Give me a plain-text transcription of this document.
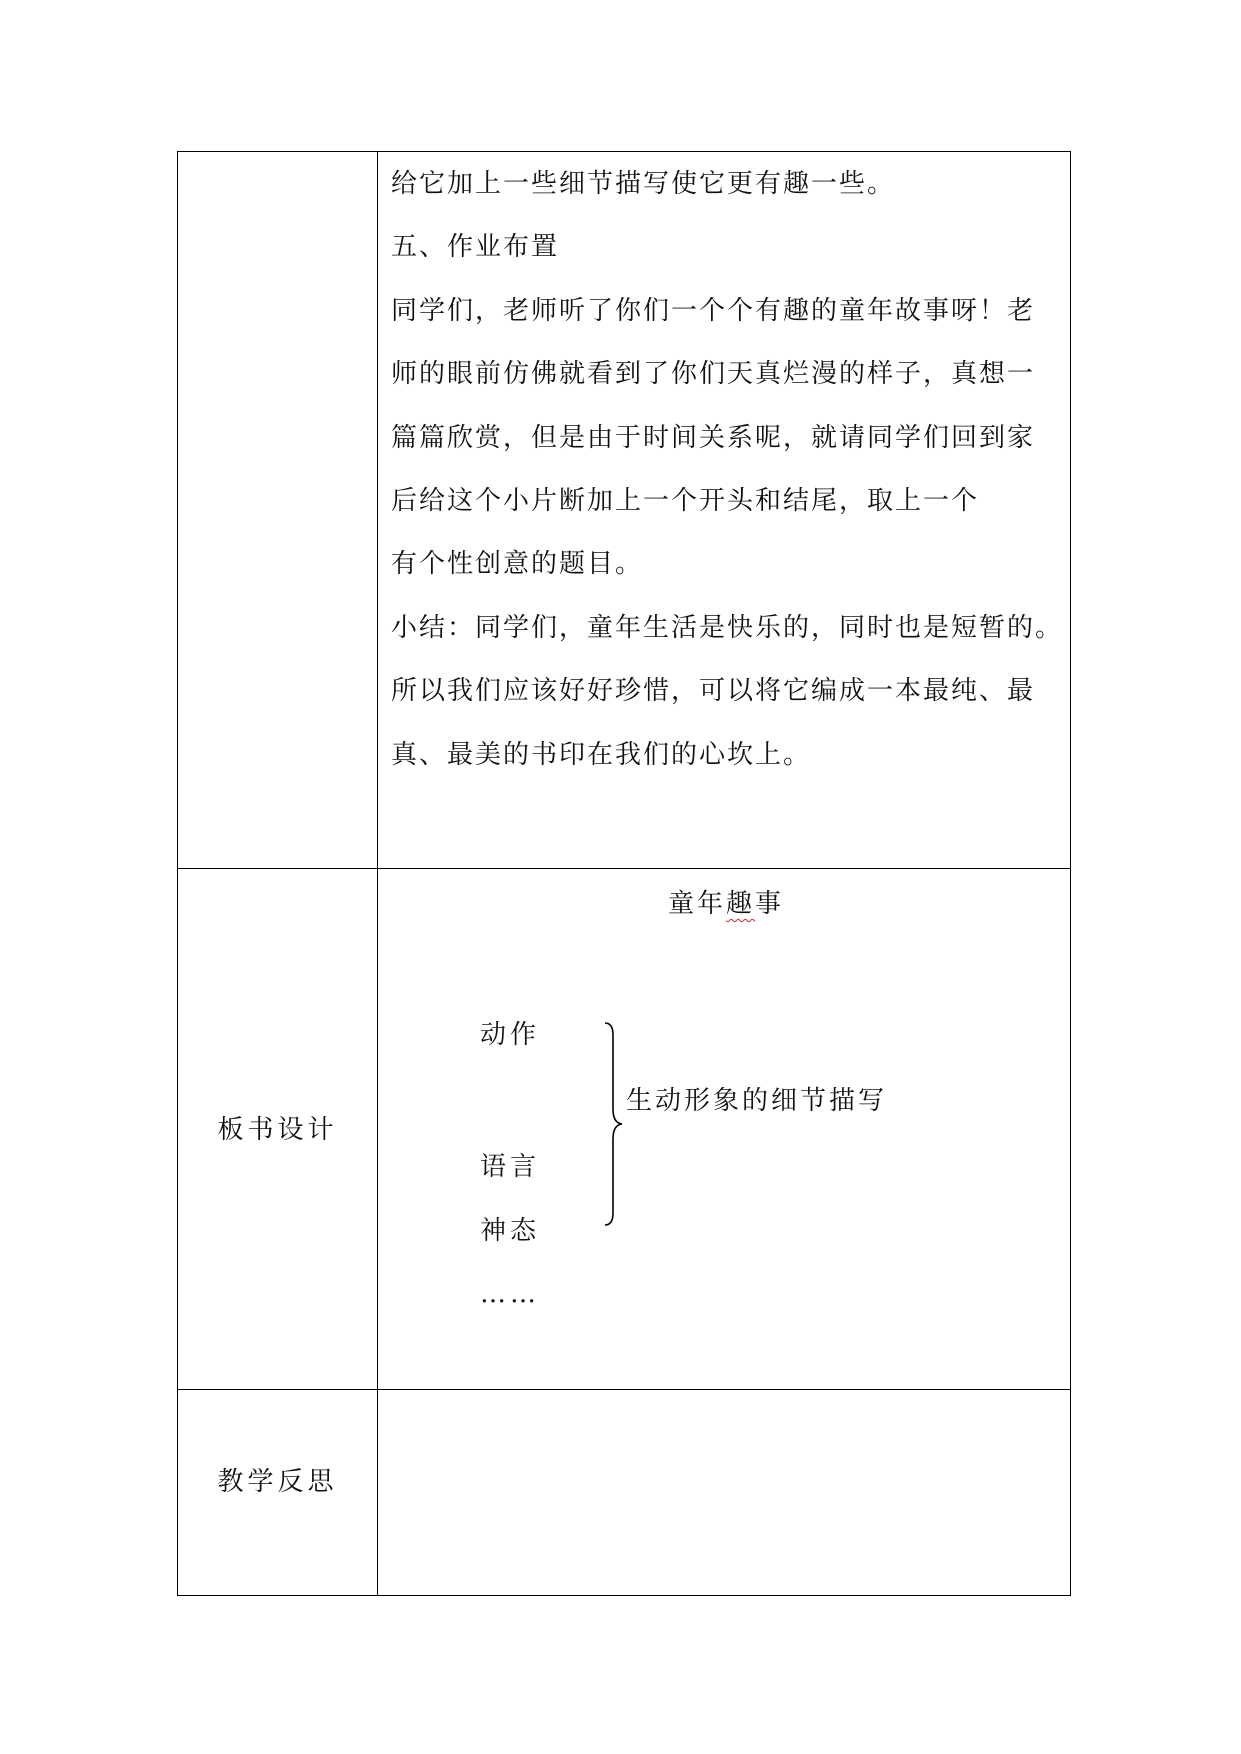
给它加上一些细节描写使它更有趣一些。
五、作业布置
同学们，老师听了你们一个个有趣的童年故事呀！老
师的眼前仿佛就看到了你们天真烂漫的样子，真想一
篇篇欣赏，但是由于时间关系呢，就请同学们回到家
后给这个小片断加上一个开头和结尾，取上一个
有个性创意的题目。
小结：同学们，童年生活是快乐的，同时也是短暂的。
所以我们应该好好珍惜，可以将它编成一本最纯、最
真、最美的书印在我们的心坎上。
板书设计
童年趣事
动作
语言
神态
……
生动形象的细节描写
教学反思
